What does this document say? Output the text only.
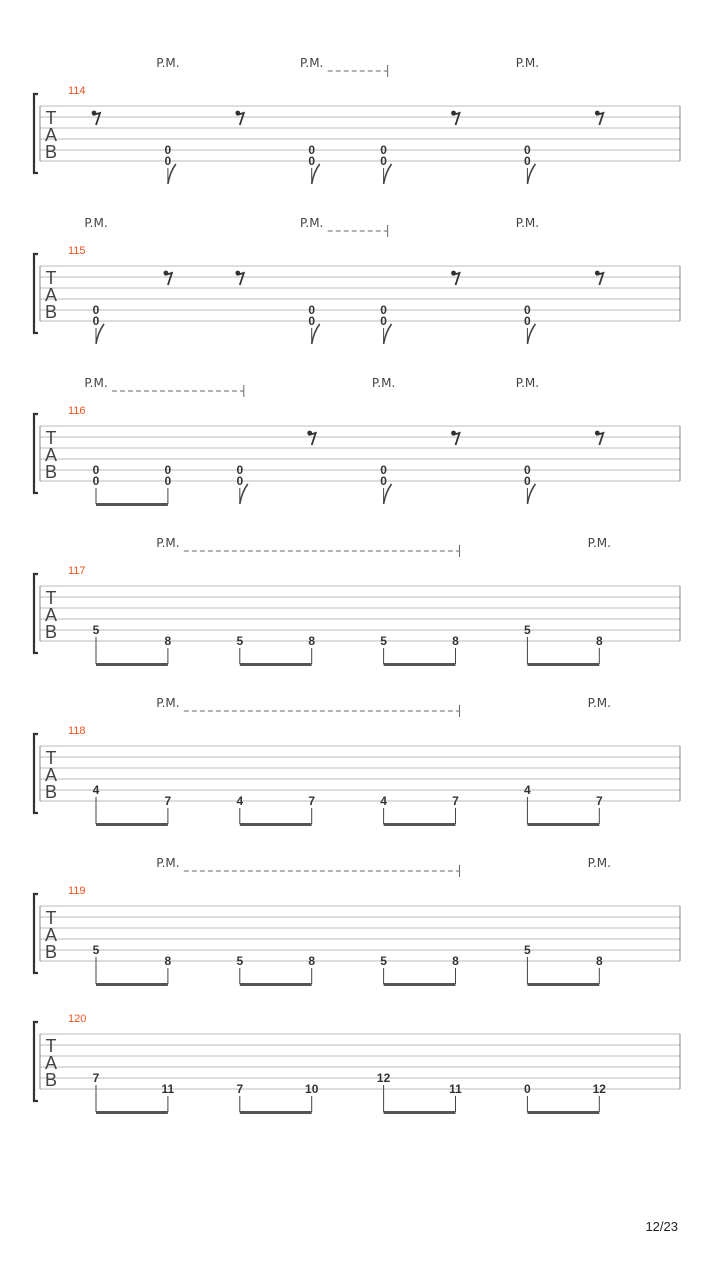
T
A
B
114
P.M.	P.M.	P.M.
0
0
0
0
0
0
0
0
T
A
B
115
P.M.	P.M.	P.M.
0
0
0
0
0
0
0
0
T
A
B
116
P.M.	P.M.	P.M.
0
0
0
0
0
0
0
0
0
0
T
A
B
117
P.M.	P.M.
5
8	5	8	5	8
5
8
T
A
B
118
P.M.	P.M.
4
7	4	7	4	7
4
7
T
A
B
119
P.M.	P.M.
5
8	5	8	5	8
5
8
T
A
B
120
7
11	7	10
12
11	0	12
12/23
